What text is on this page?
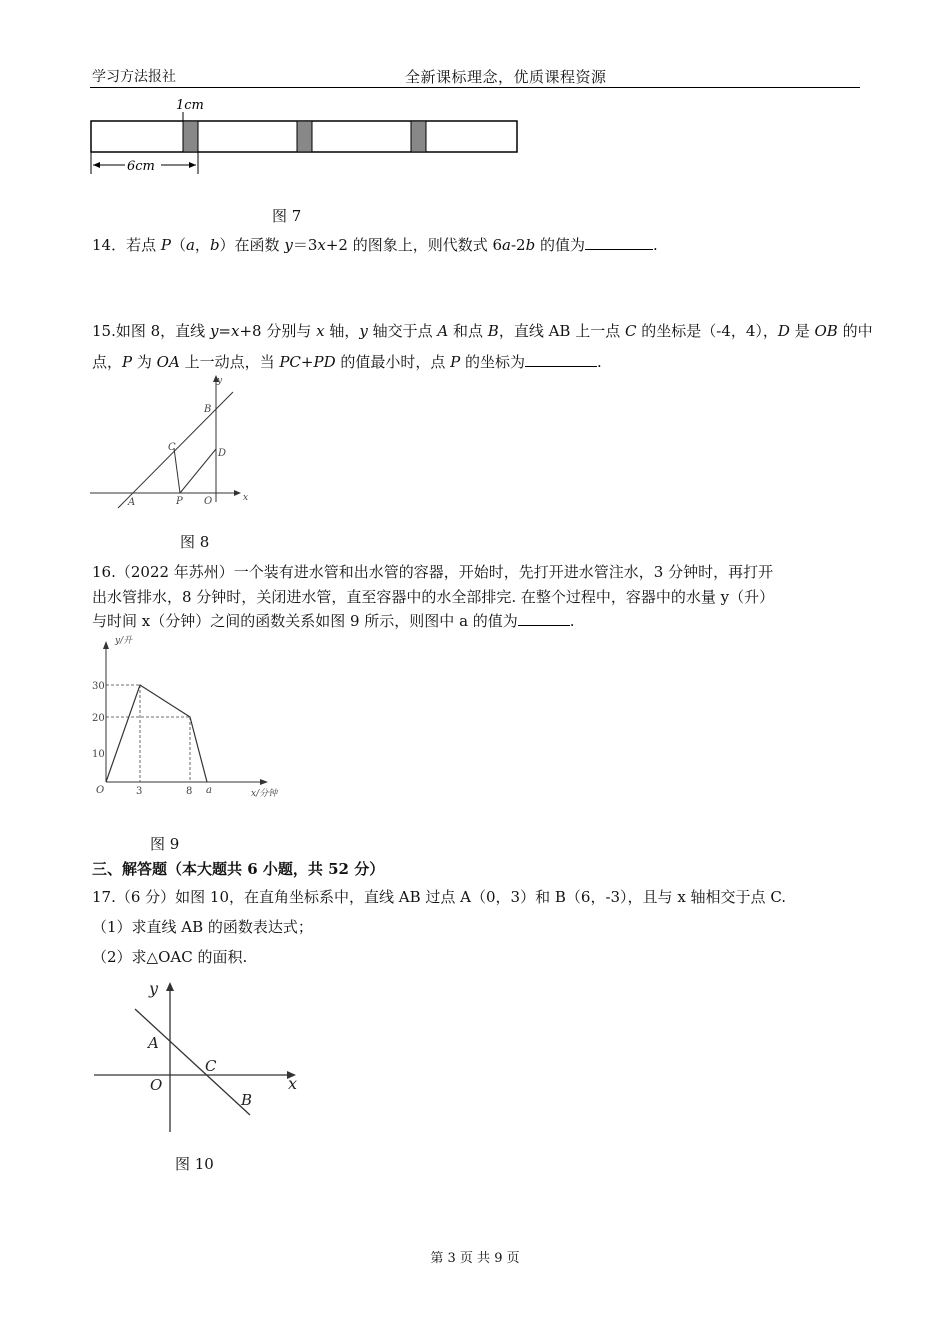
学习方法报社	全新课标理念，优质课程资源
1cm
6cm
图 7
14．若点 P（a，b）在函数 y＝3x+2 的图象上，则代数式 6a-2b 的值为	.
15.如图 8，直线 y=x+8 分别与 x 轴，y 轴交于点 A 和点 B，直线 AB 上一点 C 的坐标是（-4，4），D 是 OB 的中
点，P 为 OA 上一动点，当 PC+PD 的值最小时，点 P 的坐标为	.
y
x
B
C
D
A	P O
图 8
16.（2022 年苏州）一个装有进水管和出水管的容器，开始时，先打开进水管注水，3 分钟时，再打开
出水管排水，8 分钟时，关闭进水管，直至容器中的水全部排完. 在整个过程中，容器中的水量 y（升）
与时间 x（分钟）之间的函数关系如图 9 所示，则图中 a 的值为	.
y/升
x/分钟
30
20
10
O	3	8 a
图 9
三、解答题（本大题共 6 小题，共 52 分）
17.（6 分）如图 10，在直角坐标系中，直线 AB 过点 A（0，3）和 B（6，-3），且与 x 轴相交于点 C.
（1）求直线 AB 的函数表达式；
（2）求△OAC 的面积.
y
x
A
O
C
B
图 10
第 3 页 共 9 页
